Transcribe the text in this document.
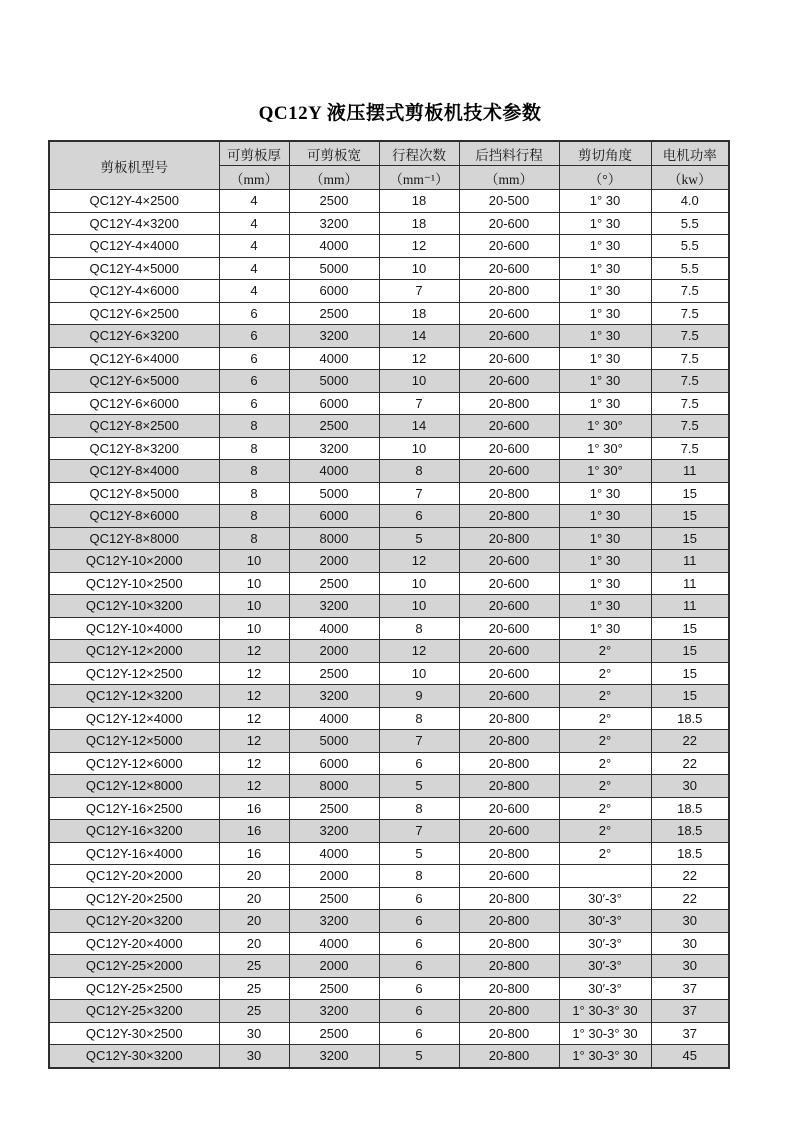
QC12Y 液压摆式剪板机技术参数
剪板机型号	可剪板厚	可剪板宽	行程次数	后挡料行程	剪切角度	电机功率
	（mm）	（mm）	（mm⁻¹）	（mm）	（°）	（kw）
QC12Y-4×2500	4	2500	18	20-500	1° 30	4.0
QC12Y-4×3200	4	3200	18	20-600	1° 30	5.5
QC12Y-4×4000	4	4000	12	20-600	1° 30	5.5
QC12Y-4×5000	4	5000	10	20-600	1° 30	5.5
QC12Y-4×6000	4	6000	7	20-800	1° 30	7.5
QC12Y-6×2500	6	2500	18	20-600	1° 30	7.5
QC12Y-6×3200	6	3200	14	20-600	1° 30	7.5
QC12Y-6×4000	6	4000	12	20-600	1° 30	7.5
QC12Y-6×5000	6	5000	10	20-600	1° 30	7.5
QC12Y-6×6000	6	6000	7	20-800	1° 30	7.5
QC12Y-8×2500	8	2500	14	20-600	1° 30°	7.5
QC12Y-8×3200	8	3200	10	20-600	1° 30°	7.5
QC12Y-8×4000	8	4000	8	20-600	1° 30°	11
QC12Y-8×5000	8	5000	7	20-800	1° 30	15
QC12Y-8×6000	8	6000	6	20-800	1° 30	15
QC12Y-8×8000	8	8000	5	20-800	1° 30	15
QC12Y-10×2000	10	2000	12	20-600	1° 30	11
QC12Y-10×2500	10	2500	10	20-600	1° 30	11
QC12Y-10×3200	10	3200	10	20-600	1° 30	11
QC12Y-10×4000	10	4000	8	20-600	1° 30	15
QC12Y-12×2000	12	2000	12	20-600	2°	15
QC12Y-12×2500	12	2500	10	20-600	2°	15
QC12Y-12×3200	12	3200	9	20-600	2°	15
QC12Y-12×4000	12	4000	8	20-800	2°	18.5
QC12Y-12×5000	12	5000	7	20-800	2°	22
QC12Y-12×6000	12	6000	6	20-800	2°	22
QC12Y-12×8000	12	8000	5	20-800	2°	30
QC12Y-16×2500	16	2500	8	20-600	2°	18.5
QC12Y-16×3200	16	3200	7	20-600	2°	18.5
QC12Y-16×4000	16	4000	5	20-800	2°	18.5
QC12Y-20×2000	20	2000	8	20-600		22
QC12Y-20×2500	20	2500	6	20-800	30′-3°	22
QC12Y-20×3200	20	3200	6	20-800	30′-3°	30
QC12Y-20×4000	20	4000	6	20-800	30′-3°	30
QC12Y-25×2000	25	2000	6	20-800	30′-3°	30
QC12Y-25×2500	25	2500	6	20-800	30′-3°	37
QC12Y-25×3200	25	3200	6	20-800	1° 30-3° 30	37
QC12Y-30×2500	30	2500	6	20-800	1° 30-3° 30	37
QC12Y-30×3200	30	3200	5	20-800	1° 30-3° 30	45
